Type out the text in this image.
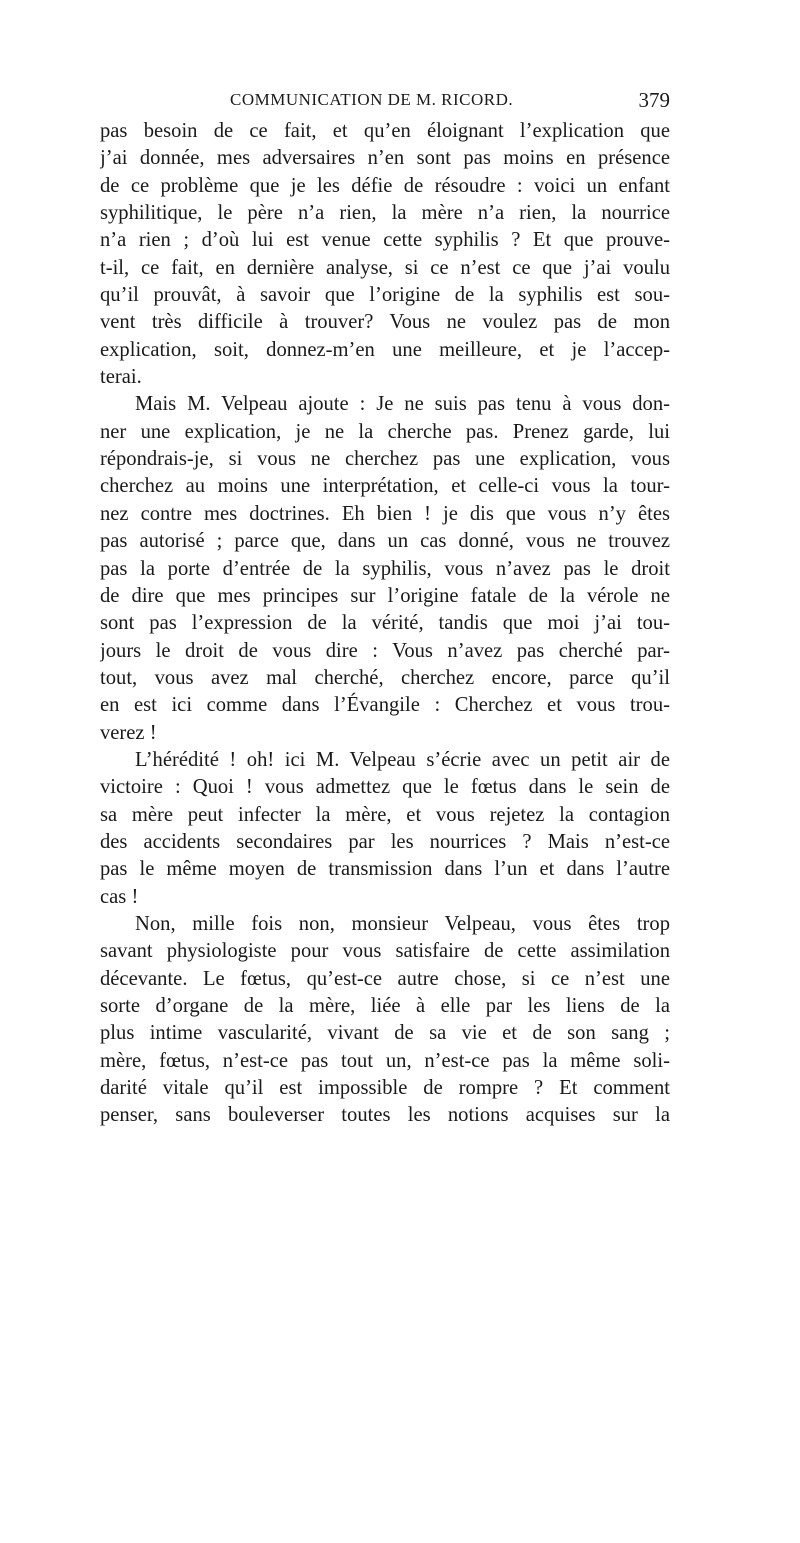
COMMUNICATION DE M. RICORD.	379
pas besoin de ce fait, et qu’en éloignant l’explication que
j’ai donnée, mes adversaires n’en sont pas moins en présence
de ce problème que je les défie de résoudre : voici un enfant
syphilitique, le père n’a rien, la mère n’a rien, la nourrice
n’a rien ; d’où lui est venue cette syphilis ? Et que prouve-
t-il, ce fait, en dernière analyse, si ce n’est ce que j’ai voulu
qu’il prouvât, à savoir que l’origine de la syphilis est sou-
vent très difficile à trouver? Vous ne voulez pas de mon
explication, soit, donnez-m’en une meilleure, et je l’accep-
terai.
Mais M. Velpeau ajoute : Je ne suis pas tenu à vous don-
ner une explication, je ne la cherche pas. Prenez garde, lui
répondrais-je, si vous ne cherchez pas une explication, vous
cherchez au moins une interprétation, et celle-ci vous la tour-
nez contre mes doctrines. Eh bien ! je dis que vous n’y êtes
pas autorisé ; parce que, dans un cas donné, vous ne trouvez
pas la porte d’entrée de la syphilis, vous n’avez pas le droit
de dire que mes principes sur l’origine fatale de la vérole ne
sont pas l’expression de la vérité, tandis que moi j’ai tou-
jours le droit de vous dire : Vous n’avez pas cherché par-
tout, vous avez mal cherché, cherchez encore, parce qu’il
en est ici comme dans l’Évangile : Cherchez et vous trou-
verez !
L’hérédité ! oh! ici M. Velpeau s’écrie avec un petit air de
victoire : Quoi ! vous admettez que le fœtus dans le sein de
sa mère peut infecter la mère, et vous rejetez la contagion
des accidents secondaires par les nourrices ? Mais n’est-ce
pas le même moyen de transmission dans l’un et dans l’autre
cas !
Non, mille fois non, monsieur Velpeau, vous êtes trop
savant physiologiste pour vous satisfaire de cette assimilation
décevante. Le fœtus, qu’est-ce autre chose, si ce n’est une
sorte d’organe de la mère, liée à elle par les liens de la
plus intime vascularité, vivant de sa vie et de son sang ;
mère, fœtus, n’est-ce pas tout un, n’est-ce pas la même soli-
darité vitale qu’il est impossible de rompre ? Et comment
penser, sans bouleverser toutes les notions acquises sur la
